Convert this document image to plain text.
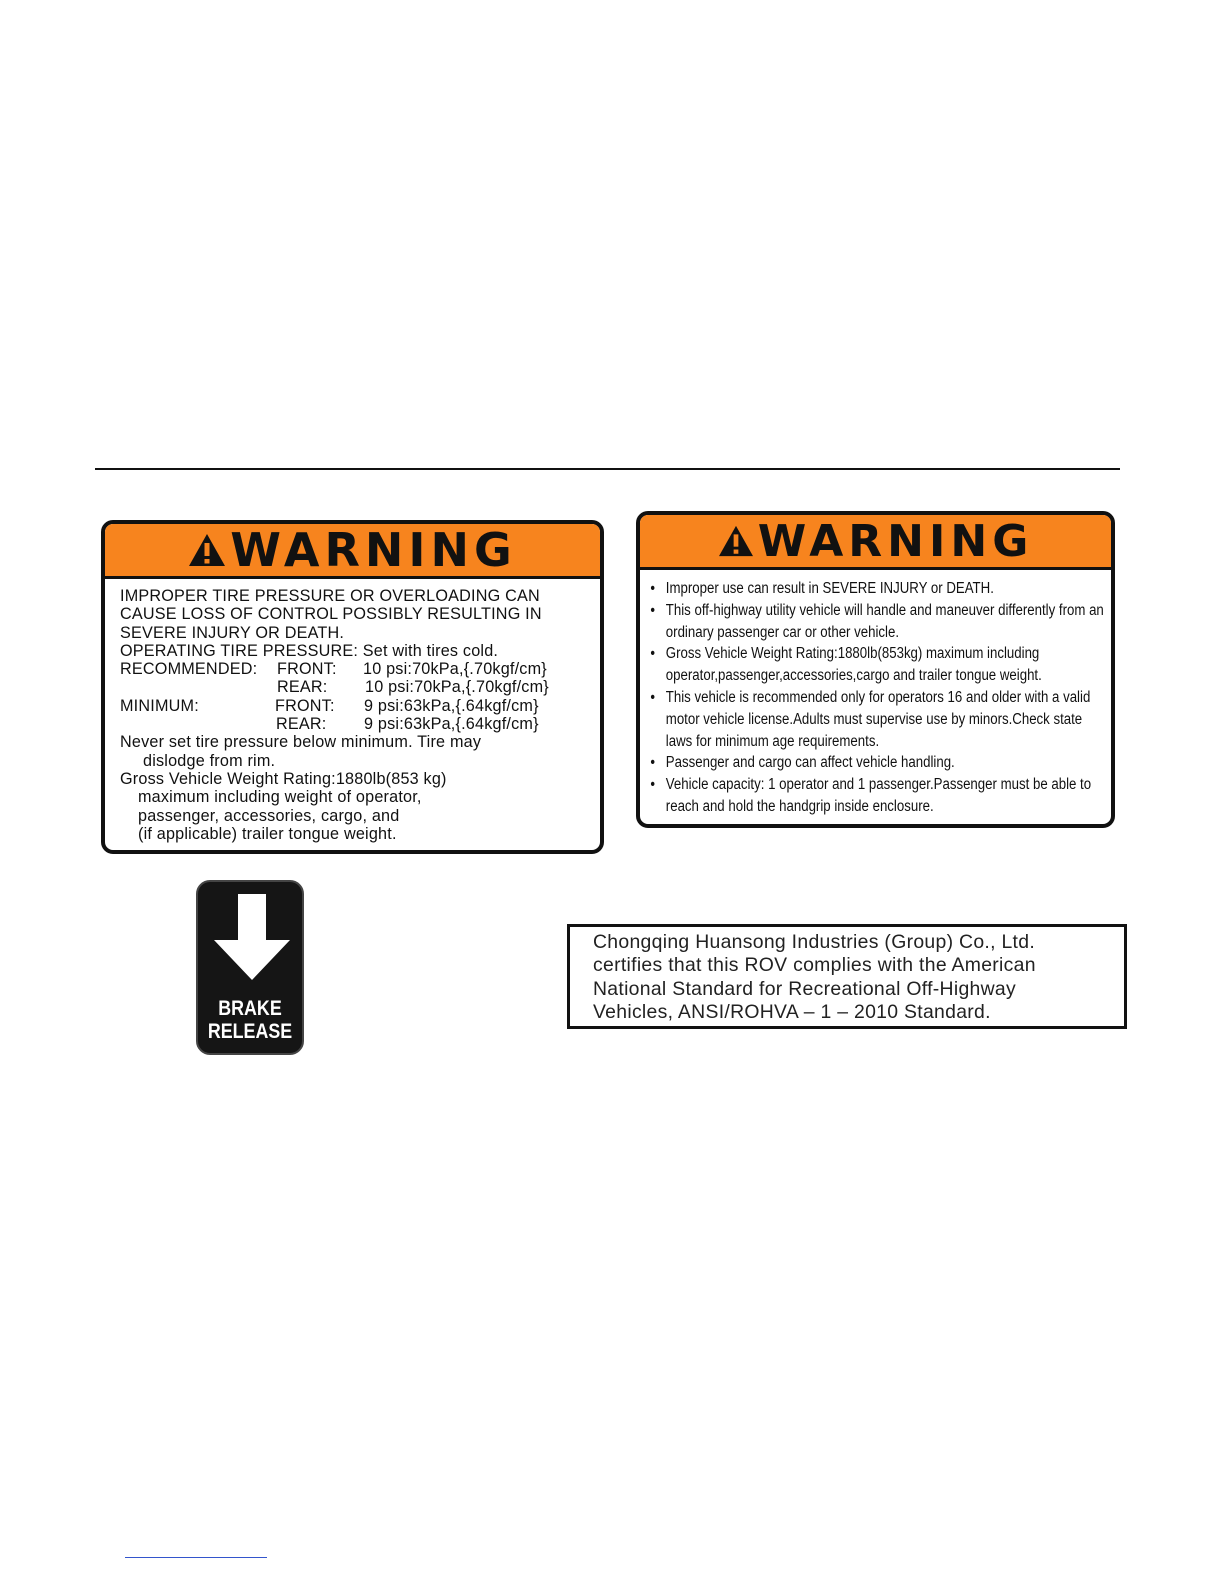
WARNING
IMPROPER TIRE PRESSURE OR OVERLOADING CAN
CAUSE LOSS OF CONTROL POSSIBLY RESULTING IN
SEVERE INJURY OR DEATH.
OPERATING TIRE PRESSURE: Set with tires cold.
RECOMMENDED: FRONT: 10 psi:70kPa,{.70kgf/cm}
REAR: 10 psi:70kPa,{.70kgf/cm}
MINIMUM:	FRONT: 9 psi:63kPa,{.64kgf/cm}
REAR: 9 psi:63kPa,{.64kgf/cm}
Never set tire pressure below minimum. Tire may
dislodge from rim.
Gross Vehicle Weight Rating:1880lb(853 kg)
maximum including weight of operator,
passenger, accessories, cargo, and
(if applicable) trailer tongue weight.
WARNING
• Improper use can result in SEVERE INJURY or DEATH.
• This off-highway utility vehicle will handle and maneuver differently from an ordinary passenger car or other vehicle.
• Gross Vehicle Weight Rating:1880lb(853kg) maximum including operator,passenger,accessories,cargo and trailer tongue weight.
• This vehicle is recommended only for operators 16 and older with a valid motor vehicle license.Adults must supervise use by minors.Check state laws for minimum age requirements.
• Passenger and cargo can affect vehicle handling.
• Vehicle capacity: 1 operator and 1 passenger.Passenger must be able to reach and hold the handgrip inside enclosure.
BRAKE
RELEASE
Chongqing Huansong Industries (Group) Co., Ltd.
certifies that this ROV complies with the American
National Standard for Recreational Off-Highway
Vehicles, ANSI/ROHVA – 1 – 2010 Standard.
